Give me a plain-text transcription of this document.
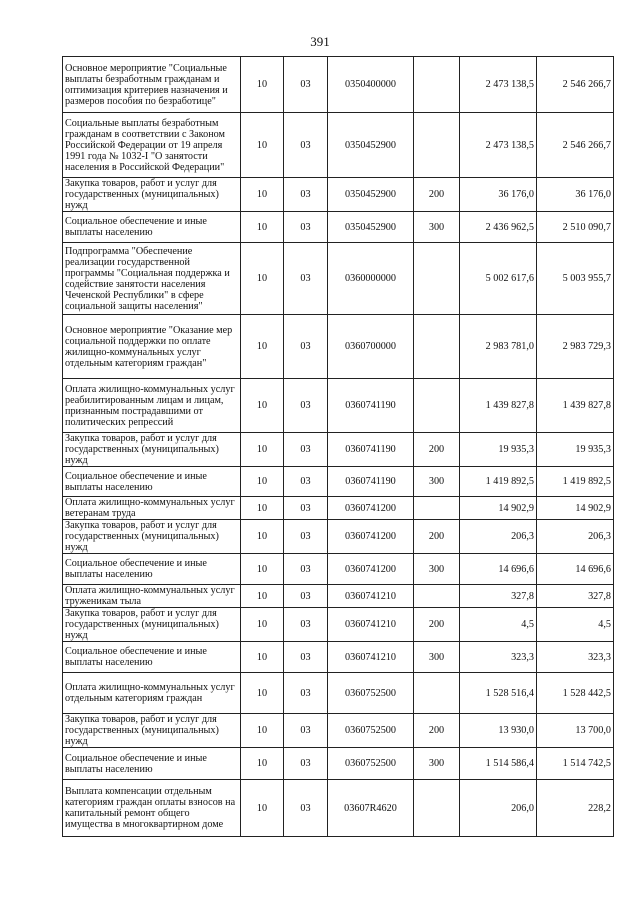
391
Основное мероприятие "Социальные выплаты безработным гражданам и оптимизация критериев назначения и размеров пособия по безработице"	10	03	0350400000		2 473 138,5	2 546 266,7
Социальные выплаты безработным гражданам в соответствии с Законом Российской Федерации от 19 апреля 1991 года № 1032-I "О занятости населения в Российской Федерации"	10	03	0350452900		2 473 138,5	2 546 266,7
Закупка товаров, работ и услуг для государственных (муниципальных) нужд	10	03	0350452900	200	36 176,0	36 176,0
Социальное обеспечение и иные выплаты населению	10	03	0350452900	300	2 436 962,5	2 510 090,7
Подпрограмма "Обеспечение реализации государственной программы "Социальная поддержка и содействие занятости населения Чеченской Республики" в сфере социальной защиты населения"	10	03	0360000000		5 002 617,6	5 003 955,7
Основное мероприятие "Оказание мер социальной поддержки по оплате жилищно-коммунальных услуг отдельным категориям граждан"	10	03	0360700000		2 983 781,0	2 983 729,3
Оплата жилищно-коммунальных услуг реабилитированным лицам и лицам, признанным пострадавшими от политических репрессий	10	03	0360741190		1 439 827,8	1 439 827,8
Закупка товаров, работ и услуг для государственных (муниципальных) нужд	10	03	0360741190	200	19 935,3	19 935,3
Социальное обеспечение и иные выплаты населению	10	03	0360741190	300	1 419 892,5	1 419 892,5
Оплата жилищно-коммунальных услуг ветеранам труда	10	03	0360741200		14 902,9	14 902,9
Закупка товаров, работ и услуг для государственных (муниципальных) нужд	10	03	0360741200	200	206,3	206,3
Социальное обеспечение и иные выплаты населению	10	03	0360741200	300	14 696,6	14 696,6
Оплата жилищно-коммунальных услуг труженикам тыла	10	03	0360741210		327,8	327,8
Закупка товаров, работ и услуг для государственных (муниципальных) нужд	10	03	0360741210	200	4,5	4,5
Социальное обеспечение и иные выплаты населению	10	03	0360741210	300	323,3	323,3
Оплата жилищно-коммунальных услуг отдельным категориям граждан	10	03	0360752500		1 528 516,4	1 528 442,5
Закупка товаров, работ и услуг для государственных (муниципальных) нужд	10	03	0360752500	200	13 930,0	13 700,0
Социальное обеспечение и иные выплаты населению	10	03	0360752500	300	1 514 586,4	1 514 742,5
Выплата компенсации отдельным категориям граждан оплаты взносов на капитальный ремонт общего имущества в многоквартирном доме	10	03	03607R4620		206,0	228,2
